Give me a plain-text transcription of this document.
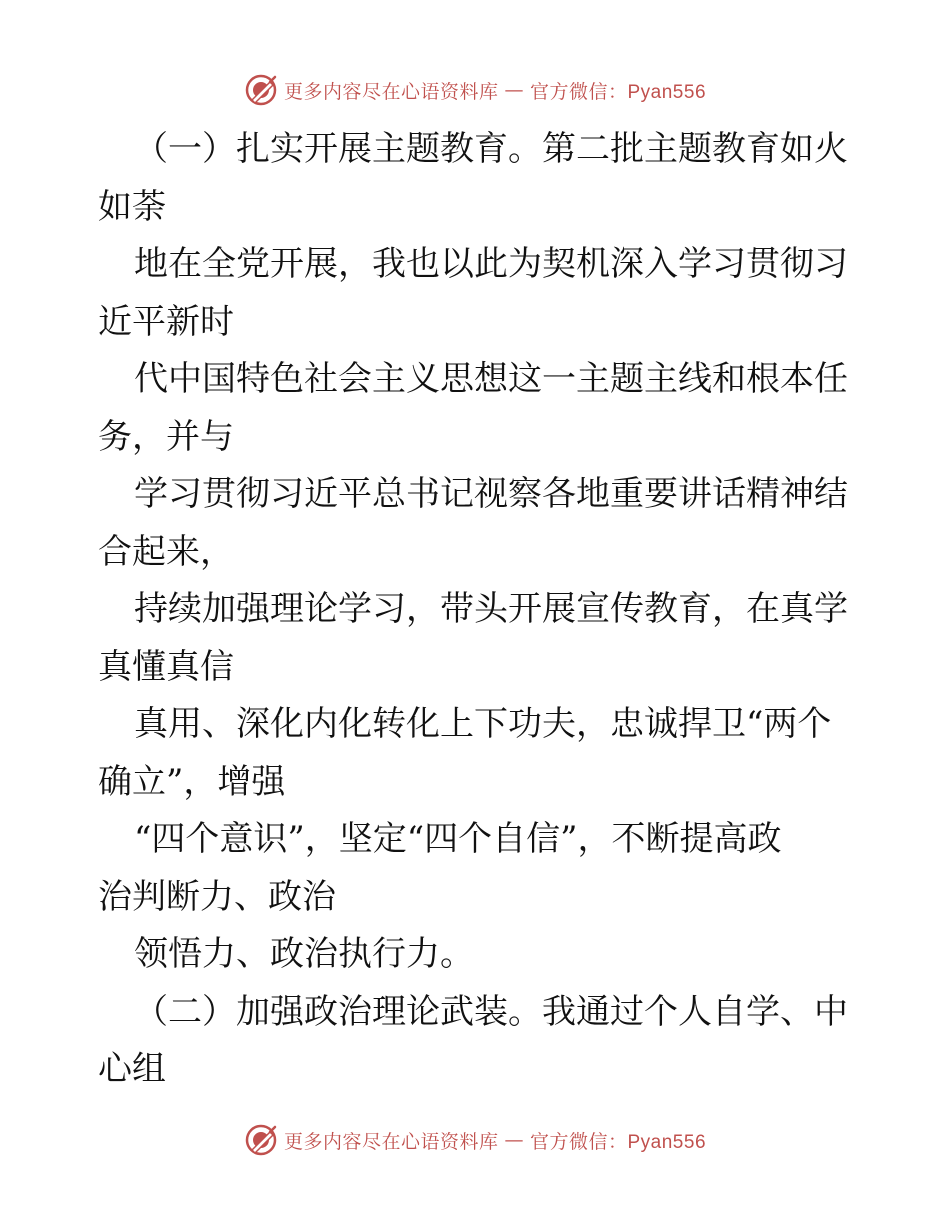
更多内容尽在心语资料库 — 官方微信：Pyan556
（一）扎实开展主题教育。第二批主题教育如火
如荼
地在全党开展，我也以此为契机深入学习贯彻习
近平新时
代中国特色社会主义思想这一主题主线和根本任
务，并与
学习贯彻习近平总书记视察各地重要讲话精神结
合起来，
持续加强理论学习，带头开展宣传教育，在真学
真懂真信
真用、深化内化转化上下功夫，忠诚捍卫“两个
确立”，增强
“四个意识”，坚定“四个自信”，不断提高政
治判断力、政治
领悟力、政治执行力。
（二）加强政治理论武装。我通过个人自学、中
心组
更多内容尽在心语资料库 — 官方微信：Pyan556
